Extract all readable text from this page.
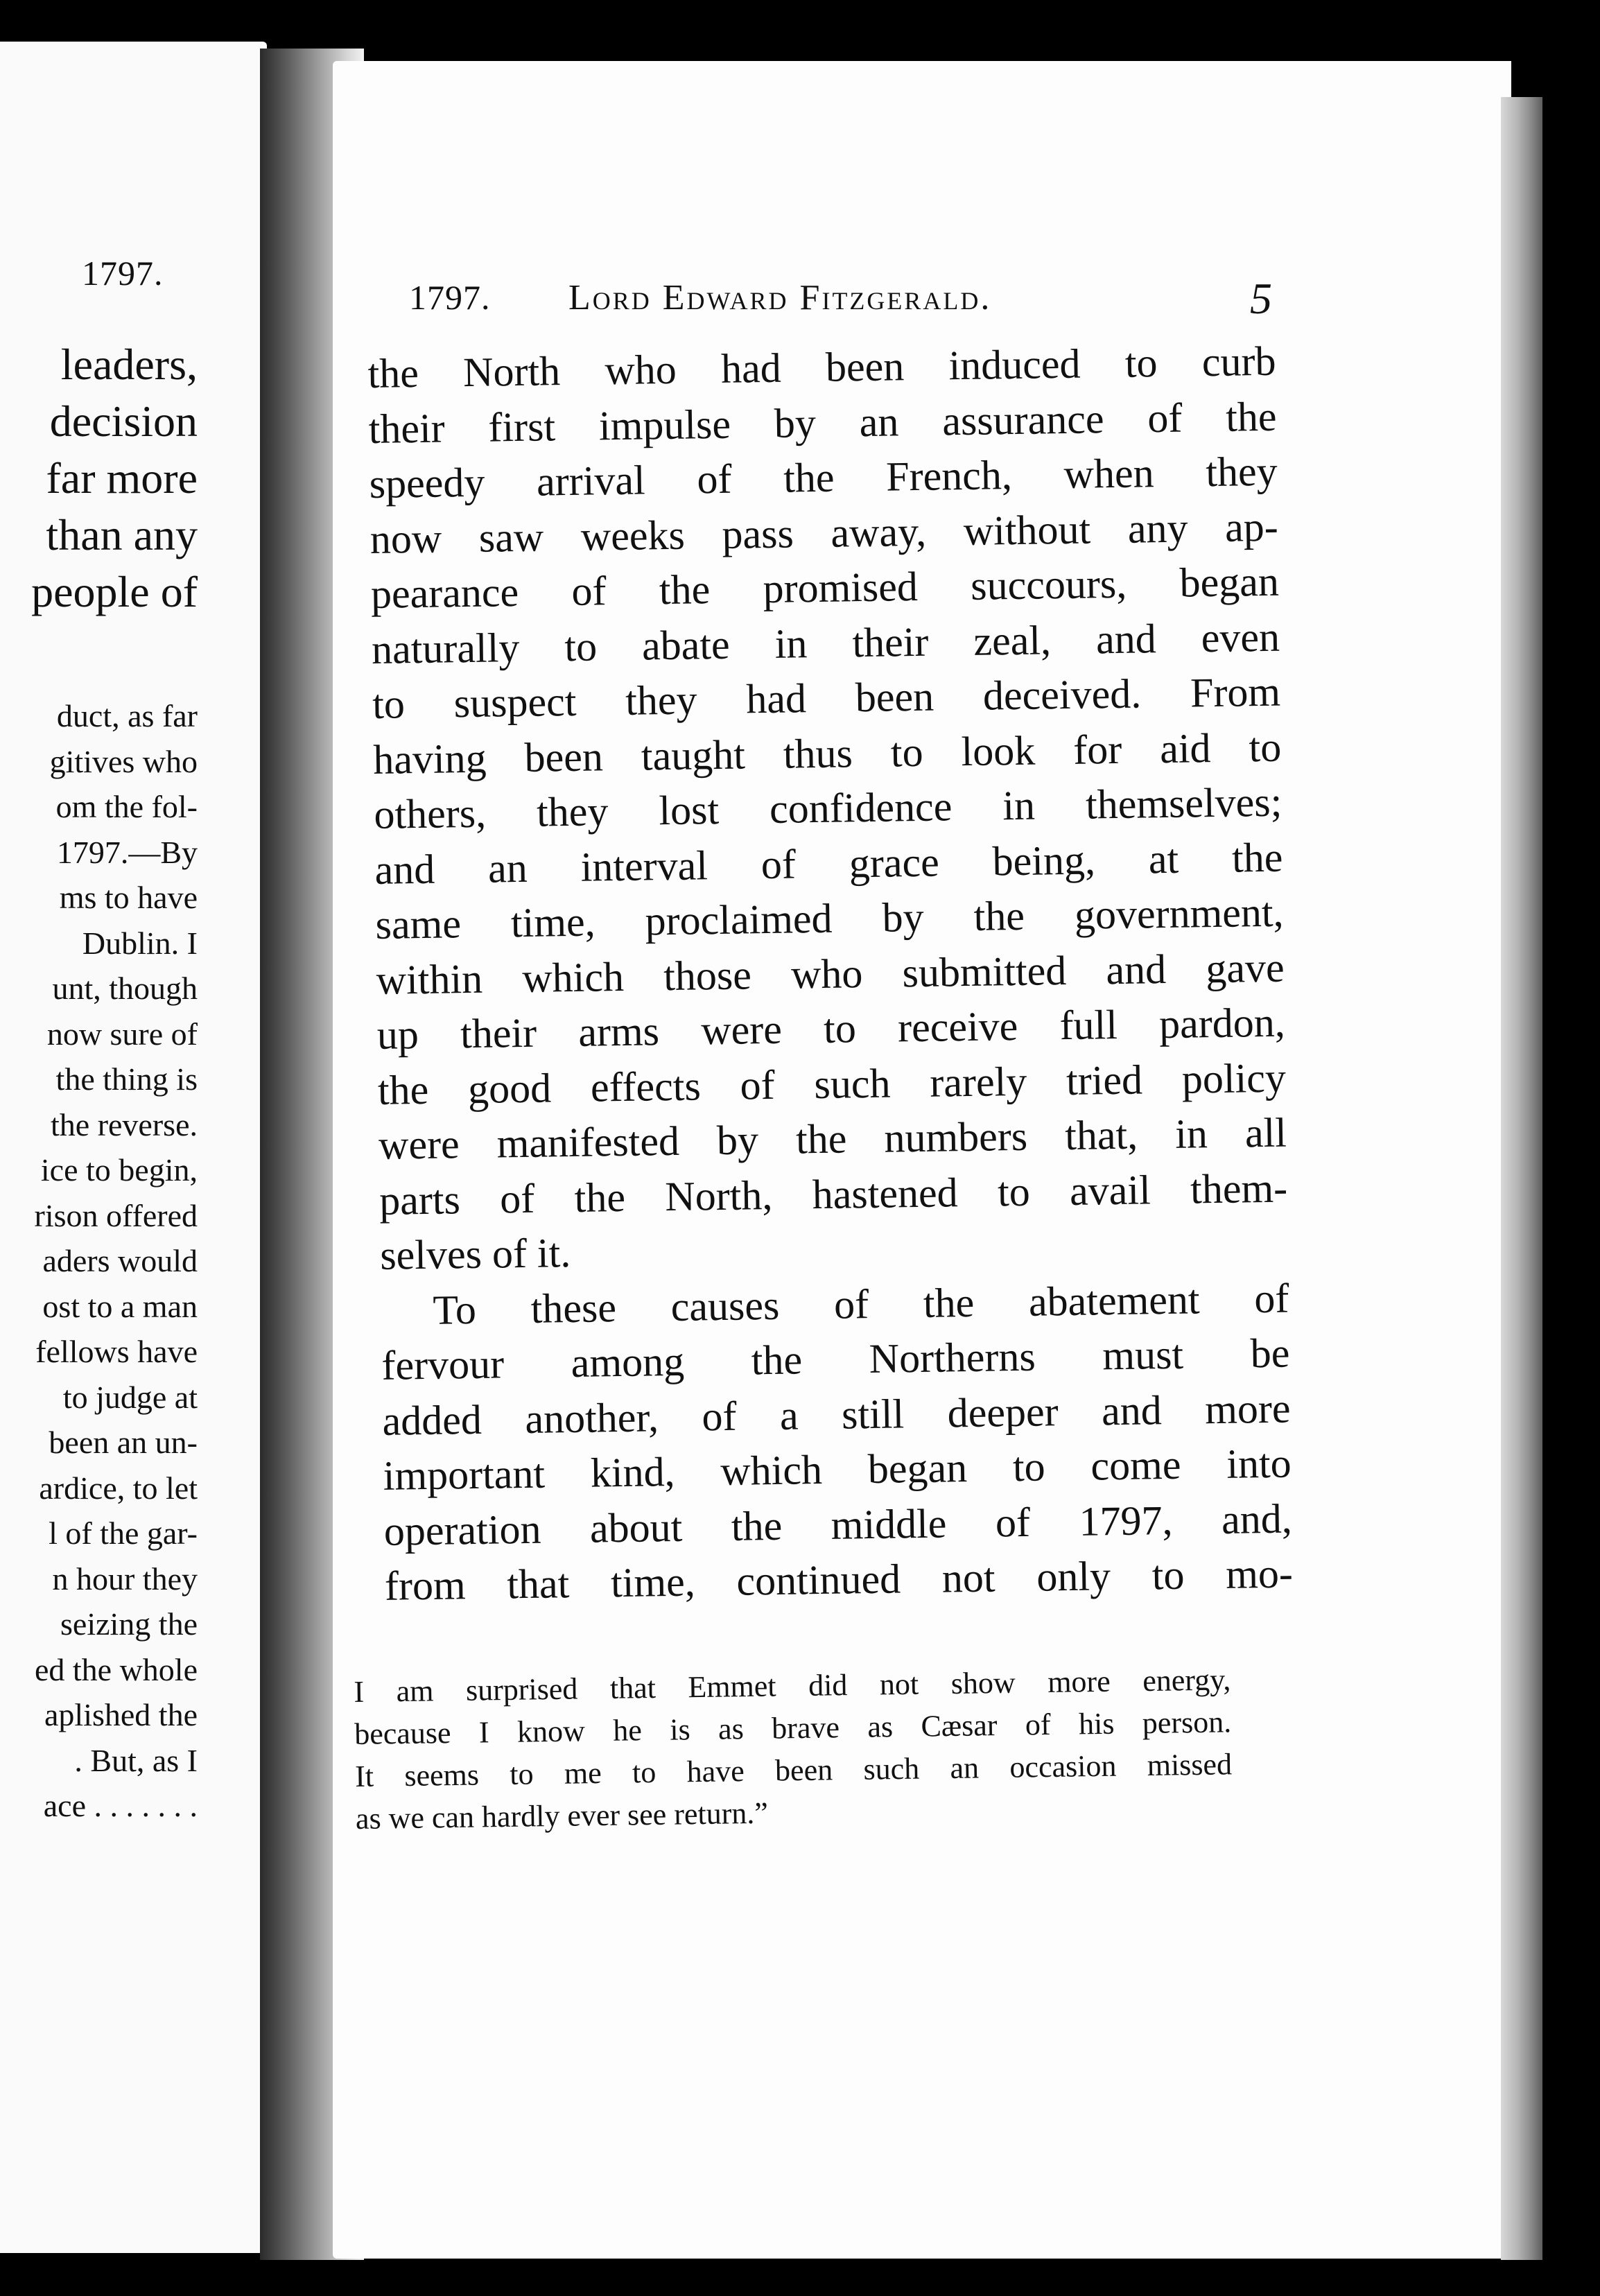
1797.
leaders,
decision
far more
than any
people of
duct, as far
gitives who
om the fol-
1797.—By
ms to have
Dublin. I
unt, though
now sure of
the thing is
the reverse.
ice to begin,
rison offered
aders would
ost to a man
fellows have
to judge at
been an un-
ardice, to let
l of the gar-
n hour they
seizing the
ed the whole
aplished the
. But, as I
ace . . . . . . .
1797. Lord Edward Fitzgerald.	5
the North who had been induced to curb
their first impulse by an assurance of the
speedy arrival of the French, when they
now saw weeks pass away, without any ap-
pearance of the promised succours, began
naturally to abate in their zeal, and even
to suspect they had been deceived. From
having been taught thus to look for aid to
others, they lost confidence in themselves;
and an interval of grace being, at the
same time, proclaimed by the government,
within which those who submitted and gave
up their arms were to receive full pardon,
the good effects of such rarely tried policy
were manifested by the numbers that, in all
parts of the North, hastened to avail them-
selves of it.
To these causes of the abatement of
fervour among the Northerns must be
added another, of a still deeper and more
important kind, which began to come into
operation about the middle of 1797, and,
from that time, continued not only to mo-
I am surprised that Emmet did not show more energy,
because I know he is as brave as Cæsar of his person.
It seems to me to have been such an occasion missed
as we can hardly ever see return.”
